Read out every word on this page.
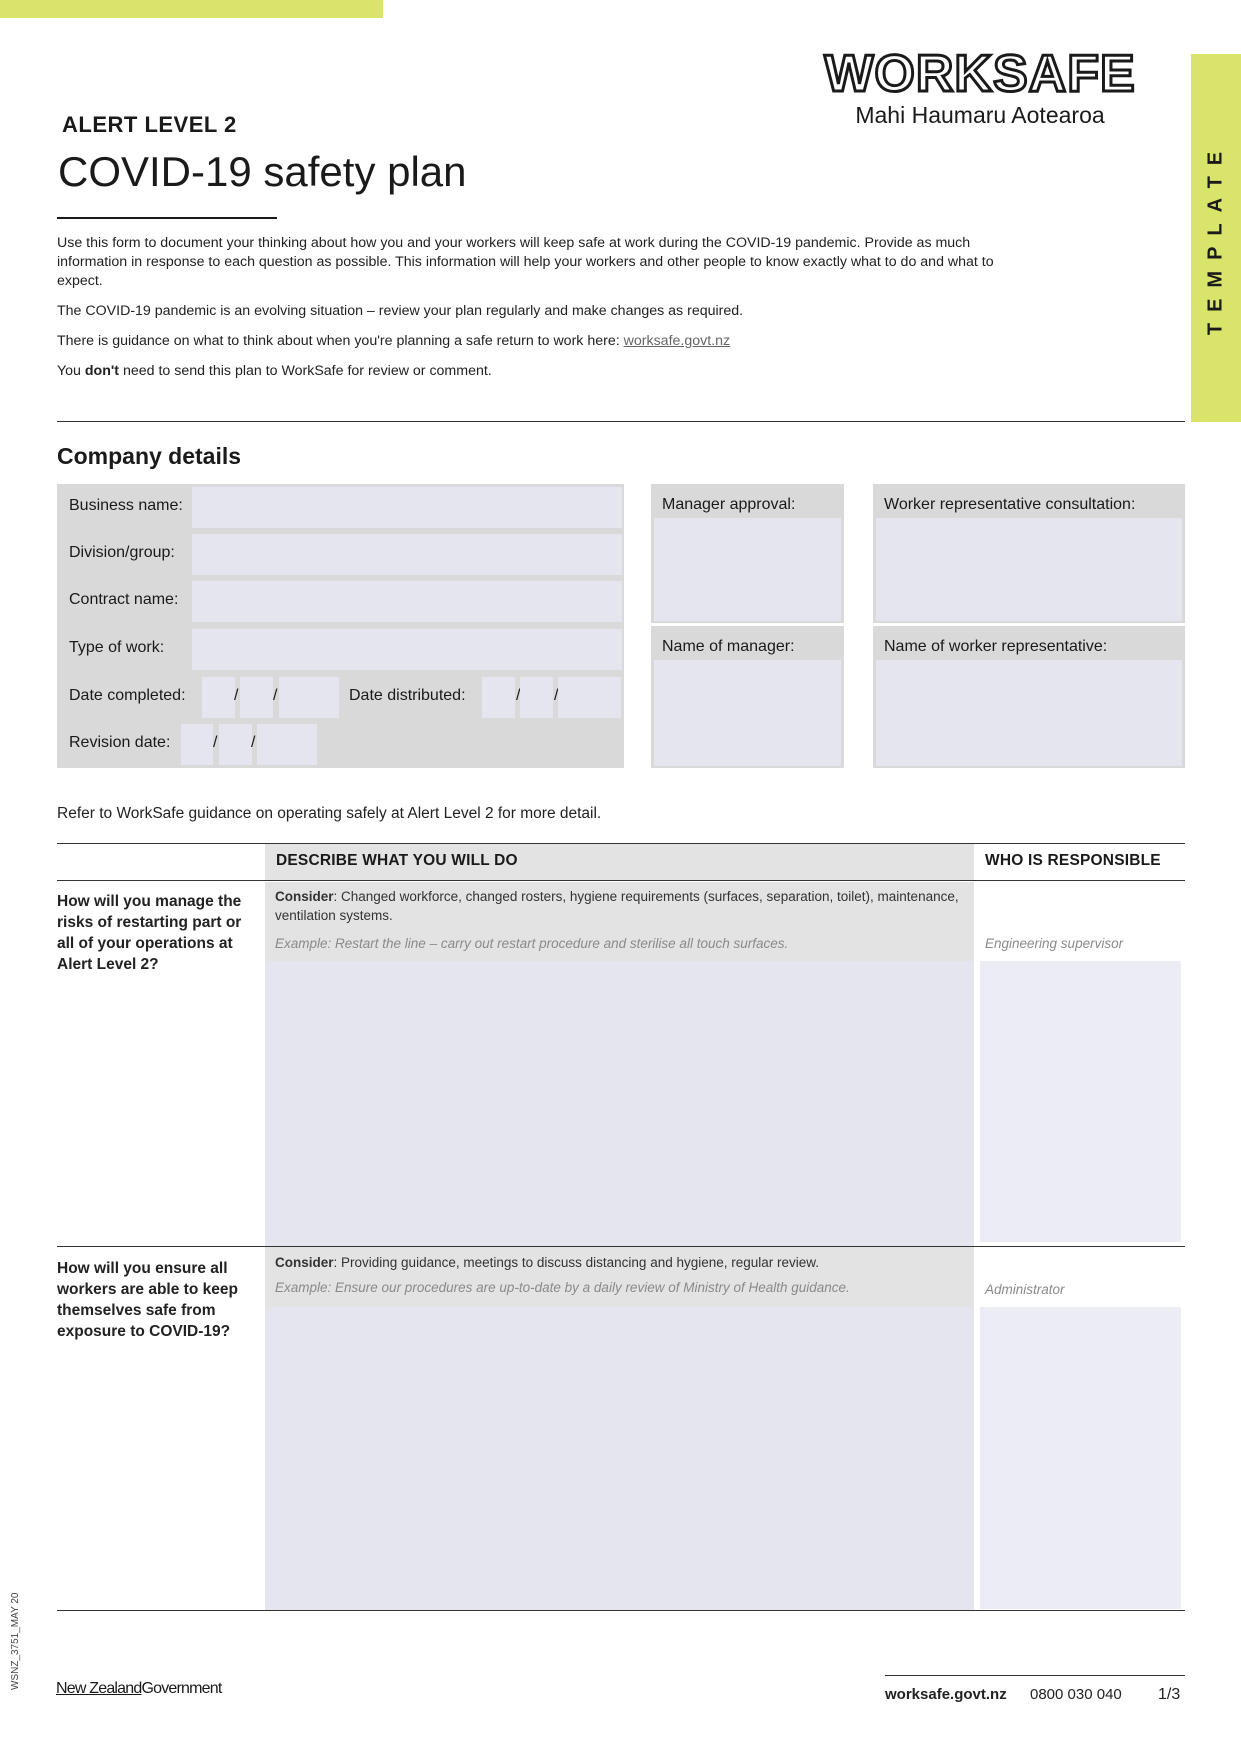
TEMPLATE
WORKSAFE
Mahi Haumaru Aotearoa
ALERT LEVEL 2
COVID-19 safety plan

Use this form to document your thinking about how you and your workers will keep safe at work during the COVID-19 pandemic. Provide as much information in response to each question as possible. This information will help your workers and other people to know exactly what to do and what to expect.

The COVID-19 pandemic is an evolving situation – review your plan regularly and make changes as required.

There is guidance on what to think about when you're planning a safe return to work here: worksafe.govt.nz

You don't need to send this plan to WorkSafe for review or comment.

Company details
Business name:
Division/group:
Contract name:
Type of work:
Date completed:	/ /	Date distributed:	/ /
Revision date:	/ /
Manager approval:	Worker representative consultation:
Name of manager:	Name of worker representative:
Refer to WorkSafe guidance on operating safely at Alert Level 2 for more detail.
DESCRIBE WHAT YOU WILL DO	WHO IS RESPONSIBLE
How will you manage the risks of restarting part or all of your operations at Alert Level 2?
Consider: Changed workforce, changed rosters, hygiene requirements (surfaces, separation, toilet), maintenance, ventilation systems.
Example: Restart the line – carry out restart procedure and sterilise all touch surfaces.	Engineering supervisor
How will you ensure all workers are able to keep themselves safe from exposure to COVID-19?
Consider: Providing guidance, meetings to discuss distancing and hygiene, regular review.
Example: Ensure our procedures are up-to-date by a daily review of Ministry of Health guidance.	Administrator
WSNZ_3751_MAY 20 New ZealandGovernment	worksafe.govt.nz 0800 030 040 1/3
